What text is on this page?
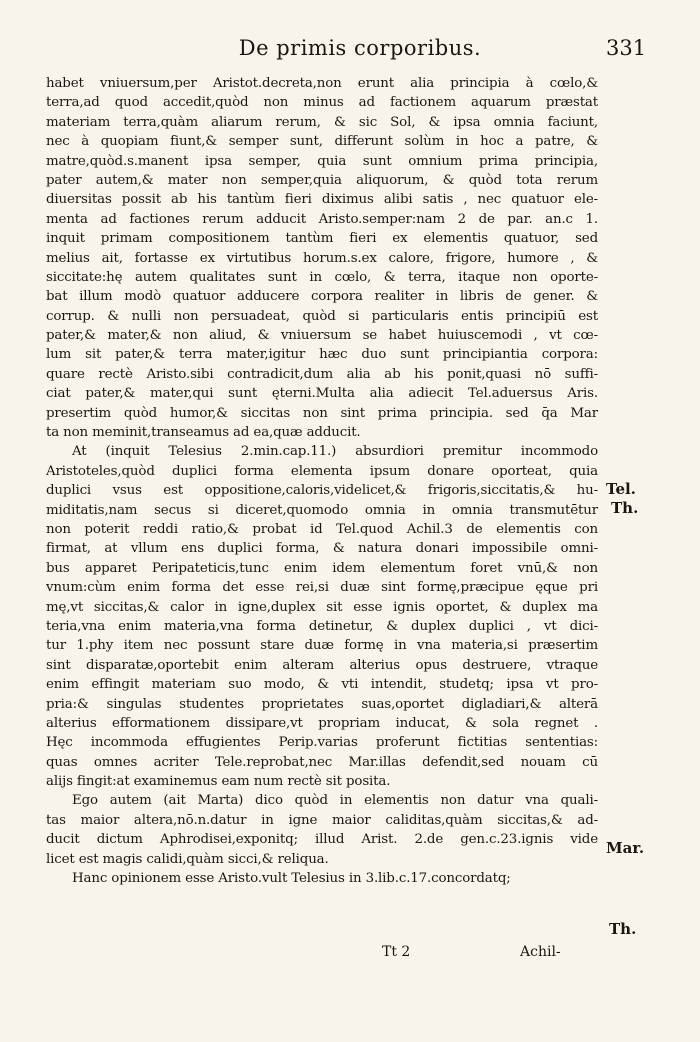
De primis corporibus.	331
habet vniuersum,per Aristot.decreta,non erunt alia principia à cœlo,&
terra,ad quod accedit,quòd non minus ad factionem aquarum præstat
materiam terra,quàm aliarum rerum, & sic Sol, & ipsa omnia faciunt,
nec à quopiam fiunt,& semper sunt, differunt solùm in hoc a patre, &
matre,quòd.s.manent ipsa semper, quia sunt omnium prima principia,
pater autem,& mater non semper,quia aliquorum, & quòd tota rerum
diuersitas possit ab his tantùm fieri diximus alibi satis , nec quatuor ele-
menta ad factiones rerum adducit Aristo.semper:nam 2 de par. an.c 1.
inquit primam compositionem tantùm fieri ex elementis quatuor, sed
melius ait, fortasse ex virtutibus horum.s.ex calore, frigore, humore , &
siccitate:hę autem qualitates sunt in cœlo, & terra, itaque non oporte-
bat illum modò quatuor adducere corpora realiter in libris de gener. &
corrup. & nulli non persuadeat, quòd si particularis entis principiū est
pater,& mater,& non aliud, & vniuersum se habet huiuscemodi , vt cœ-
lum sit pater,& terra mater,igitur hæc duo sunt principiantia corpora:
quare rectè Aristo.sibi contradicit,dum alia ab his ponit,quasi nō suffi-
ciat pater,& mater,qui sunt ęterni.Multa alia adiecit Tel.aduersus Aris.
presertim quòd humor,& siccitas non sint prima principia. sed q̄a Mar
ta non meminit,transeamus ad ea,quæ adducit.
At (inquit Telesius 2.min.cap.11.) absurdiori premitur incommodo
Aristoteles,quòd duplici forma elementa ipsum donare oporteat, quia
duplici vsus est oppositione,caloris,videlicet,& frigoris,siccitatis,& hu-
miditatis,nam secus si diceret,quomodo omnia in omnia transmutētur
non poterit reddi ratio,& probat id Tel.quod Achil.3 de elementis con
firmat, at vllum ens duplici forma, & natura donari impossibile omni-
bus apparet Peripateticis,tunc enim idem elementum foret vnū,& non
vnum:cùm enim forma det esse rei,si duæ sint formę,præcipue ęque pri
mę,vt siccitas,& calor in igne,duplex sit esse ignis oportet, & duplex ma
teria,vna enim materia,vna forma detinetur, & duplex duplici , vt dici-
tur 1.phy item nec possunt stare duæ formę in vna materia,si præsertim
sint disparatæ,oportebit enim alteram alterius opus destruere, vtraque
enim effingit materiam suo modo, & vti intendit, studetq; ipsa vt pro-
pria:& singulas studentes proprietates suas,oportet digladiari,& alterā
alterius efformationem dissipare,vt propriam inducat, & sola regnet .
Hęc incommoda effugientes Perip.varias proferunt fictitias sententias:
quas omnes acriter Tele.reprobat,nec Mar.illas defendit,sed nouam cū
alijs fingit:at examinemus eam num rectè sit posita.
Ego autem (ait Marta) dico quòd in elementis non datur vna quali-
tas maior altera,nō.n.datur in igne maior caliditas,quàm siccitas,& ad-
ducit dictum Aphrodisei,exponitq; illud Arist. 2.de gen.c.23.ignis vide
licet est magis calidi,quàm sicci,& reliqua.
Hanc opinionem esse Aristo.vult Telesius in 3.lib.c.17.concordatq;
Tel.
Th.
Mar.
Th.
Tt 2	Achil-
